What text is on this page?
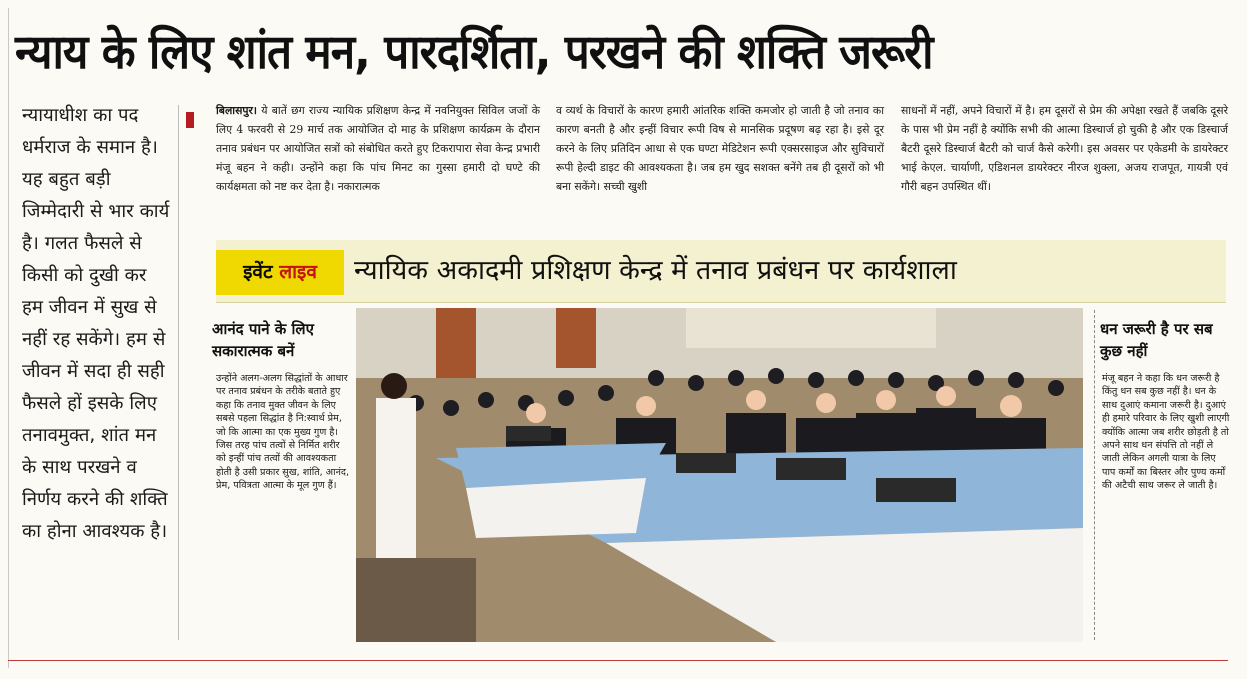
न्याय के लिए शांत मन, पारदर्शिता, परखने की शक्ति जरूरी
न्यायाधीश का पद धर्मराज के समान है। यह बहुत बड़ी जिम्मेदारी से भार कार्य है। गलत फैसले से किसी को दुखी कर हम जीवन में सुख से नहीं रह सकेंगे। हम से जीवन में सदा ही सही फैसले हों इसके लिए तनावमुक्त, शांत मन के साथ परखने व निर्णय करने की शक्ति का होना आवश्यक है।
बिलासपुर। ये बातें छग राज्य न्यायिक प्रशिक्षण केन्द्र में नवनियुक्त सिविल जजों के लिए 4 फरवरी से 29 मार्च तक आयोजित दो माह के प्रशिक्षण कार्यक्रम के दौरान तनाव प्रबंधन पर आयोजित सत्रों को संबोधित करते हुए टिकरापारा सेवा केन्द्र प्रभारी मंजू बहन ने कही। उन्होंने कहा कि पांच मिनट का गुस्सा हमारी दो घण्टे की कार्यक्षमता को नष्ट कर देता है। नकारात्मक
व व्यर्थ के विचारों के कारण हमारी आंतरिक शक्ति कमजोर हो जाती है जो तनाव का कारण बनती है और इन्हीं विचार रूपी विष से मानसिक प्रदूषण बढ़ रहा है। इसे दूर करने के लिए प्रतिदिन आधा से एक घण्टा मेडिटेशन रूपी एक्सरसाइज और सुविचारों रूपी हेल्दी डाइट की आवश्यकता है। जब हम खुद सशक्त बनेंगे तब ही दूसरों को भी बना सकेंगे। सच्ची खुशी
साधनों में नहीं, अपने विचारों में है। हम दूसरों से प्रेम की अपेक्षा रखते हैं जबकि दूसरे के पास भी प्रेम नहीं है क्योंकि सभी की आत्मा डिस्चार्ज हो चुकी है और एक डिस्चार्ज बैटरी दूसरे डिस्चार्ज बैटरी को चार्ज कैसे करेगी। इस अवसर पर एकेडमी के डायरेक्टर भाई केएल. चार्याणी, एडिशनल डायरेक्टर नीरज शुक्ला, अजय राजपूत, गायत्री एवं गौरी बहन उपस्थित थीं।
इवेंट लाइव	न्यायिक अकादमी प्रशिक्षण केन्द्र में तनाव प्रबंधन पर कार्यशाला
आनंद पाने के लिए सकारात्मक बनें
उन्होंने अलग-अलग सिद्धांतों के आधार पर तनाव प्रबंधन के तरीके बताते हुए कहा कि तनाव मुक्त जीवन के लिए सबसे पहला सिद्धांत है नि:स्वार्थ प्रेम, जो कि आत्मा का एक मुख्य गुण है। जिस तरह पांच तत्वों से निर्मित शरीर को इन्हीं पांच तत्वों की आवश्यकता होती है उसी प्रकार सुख, शांति, आनंद, प्रेम, पवित्रता आत्मा के मूल गुण हैं।
धन जरूरी है पर सब कुछ नहीं
मंजू बहन ने कहा कि धन जरूरी है किंतु धन सब कुछ नहीं है। धन के साथ दुआएं कमाना जरूरी है। दुआएं ही हमारे परिवार के लिए खुशी लाएगी क्योंकि आत्मा जब शरीर छोड़ती है तो अपने साथ धन संपत्ति तो नहीं ले जाती लेकिन अगली यात्रा के लिए पाप कर्मों का बिस्तर और पुण्य कर्मों की अटैची साथ जरूर ले जाती है।
